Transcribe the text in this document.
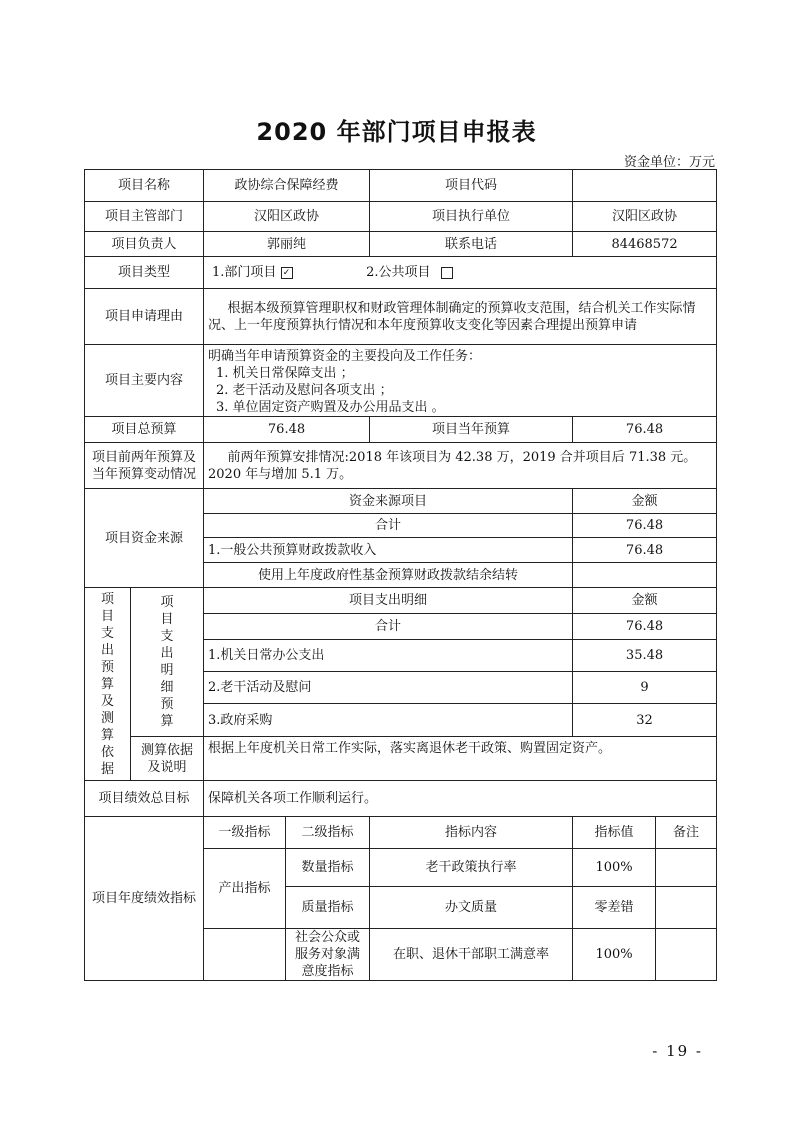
2020 年部门项目申报表
资金单位：万元
项目名称		政协综合保障经费		项目代码		
项目主管部门		汉阳区政协		项目执行单位	汉阳区政协	
项目负责人		郭丽纯		联系电话	84468572	
项目类型		1.部门项目 ✓ 2.公共项目				
项目申请理由		根据本级预算管理职权和财政管理体制确定的预算收支范围，结合机关工作实际情况、上一年度预算执行情况和本年度预算收支变化等因素合理提出预算申请				
项目主要内容		明确当年申请预算资金的主要投向及工作任务：
1. 机关日常保障支出 ；
2. 老干活动及慰问各项支出 ；
3. 单位固定资产购置及办公用品支出 。				

项目总预算		76.48		项目当年预算	76.48	
项目前两年预算及当年预算变动情况		前两年预算安排情况:2018 年该项目为 42.38 万，2019 合并项目后 71.38 元。2020 年与增加 5.1 万。				
项目资金来源		资金来源项目			金额	
		合计			76.48	
		1.一般公共预算财政拨款收入			76.48	
		使用上年度政府性基金预算财政拨款结余结转				

项目支出预算及测算依据	项目支出明细预算	项目支出明细			金额	
		合计			76.48	
		1.机关日常办公支出			35.48	
		2.老干活动及慰问			9	
		3.政府采购			32	
	测算依据及说明	根据上年度机关日常工作实际，落实离退休老干政策、购置固定资产。				
项目绩效总目标		保障机关各项工作顺利运行。				
项目年度绩效指标		一级指标	二级指标	指标内容	指标值	备注
		产出指标	数量指标	老干政策执行率	100%	
			质量指标	办文质量	零差错	
			社会公众或服务对象满意度指标	在职、退休干部职工满意率	100%	
- 19 -
